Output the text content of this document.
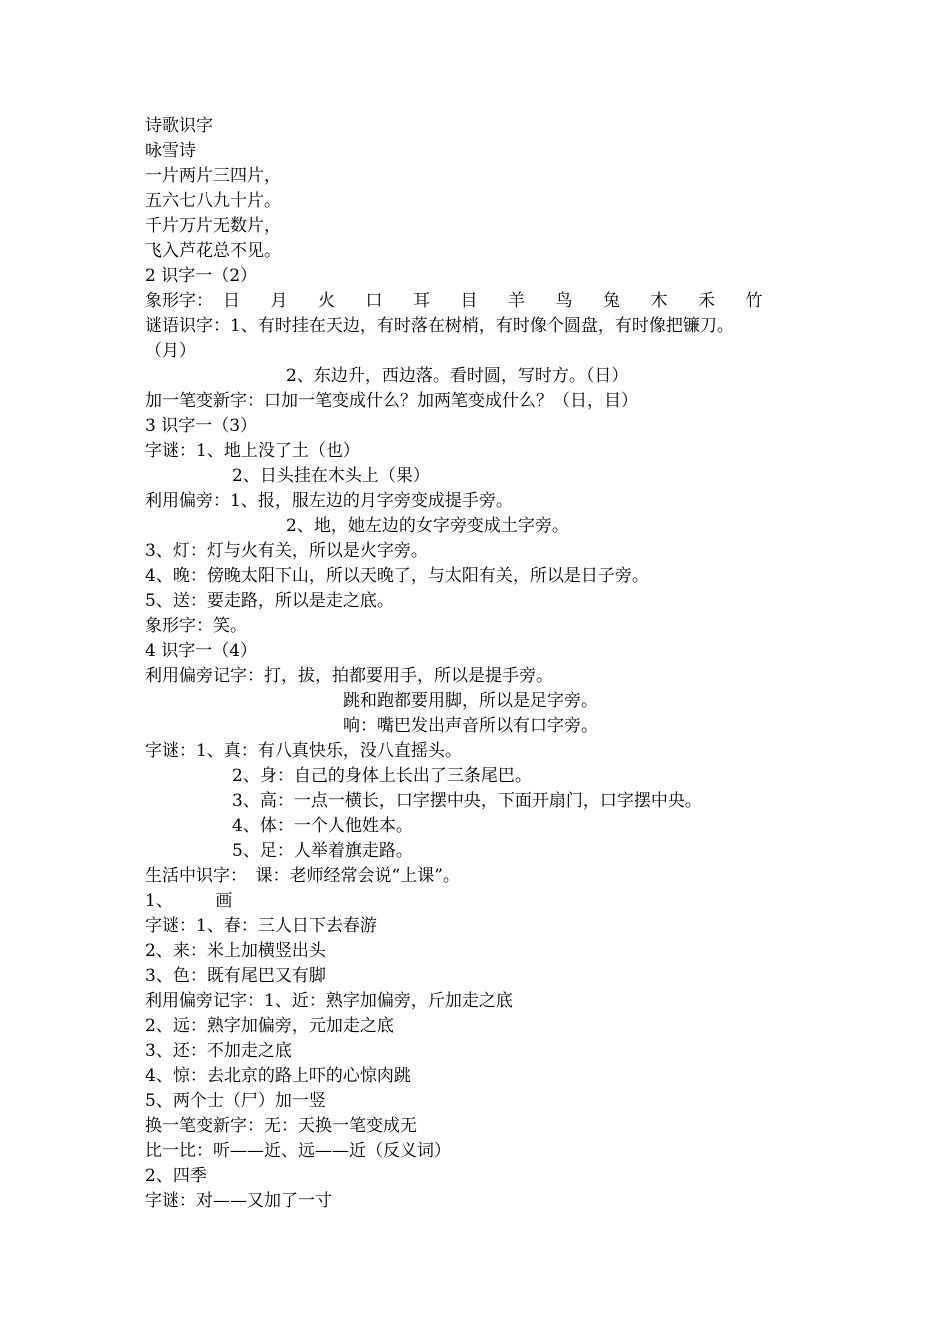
诗歌识字

咏雪诗

一片两片三四片，

五六七八九十片。

千片万片无数片，

飞入芦花总不见。

2 识字一（2）

象形字： 日	月	火	口	耳	目	羊	鸟	兔	木	禾	竹

谜语识字：1、有时挂在天边，有时落在树梢，有时像个圆盘，有时像把镰刀。

（月）

2、东边升，西边落。看时圆，写时方。（日）

加一笔变新字：口加一笔变成什么？加两笔变成什么？（日，目）

3 识字一（3）

字谜：1、地上没了土（也）

2、日头挂在木头上（果）

利用偏旁：1、报，服左边的月字旁变成提手旁。

2、地，她左边的女字旁变成土字旁。

3、灯：灯与火有关，所以是火字旁。

4、晚：傍晚太阳下山，所以天晚了，与太阳有关，所以是日子旁。

5、送：要走路，所以是走之底。

象形字：笑。

4 识字一（4）

利用偏旁记字：打，拔，拍都要用手，所以是提手旁。

跳和跑都要用脚，所以是足字旁。

响：嘴巴发出声音所以有口字旁。

字谜：1、真：有八真快乐，没八直摇头。

2、身：自己的身体上长出了三条尾巴。

3、高：一点一横长，口字摆中央，下面开扇门，口字摆中央。

4、体：一个人他姓本。

5、足：人举着旗走路。

生活中识字：　课：老师经常会说“上课”。

1、　　　画

字谜：1、春：三人日下去春游

2、来：米上加横竖出头

3、色：既有尾巴又有脚

利用偏旁记字：1、近：熟字加偏旁，斤加走之底

2、远：熟字加偏旁，元加走之底

3、还：不加走之底

4、惊：去北京的路上吓的心惊肉跳

5、两个士（尸）加一竖

换一笔变新字：无：天换一笔变成无

比一比：听——近、远——近（反义词）

2、四季

字谜：对——又加了一寸
